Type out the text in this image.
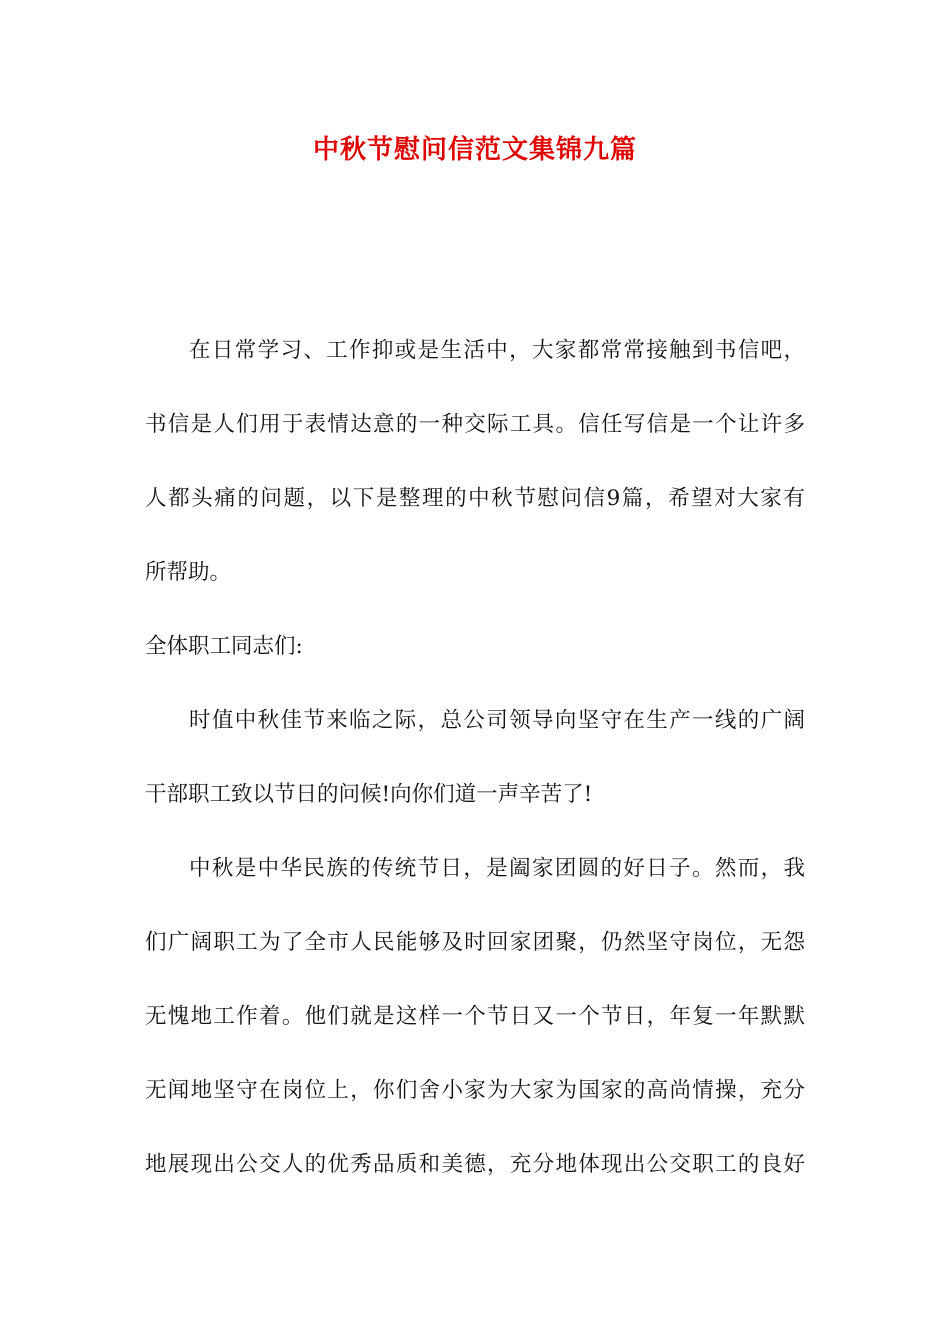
中秋节慰问信范文集锦九篇
在日常学习、工作抑或是生活中，大家都常常接触到书信吧，
书信是人们用于表情达意的一种交际工具。信任写信是一个让许多
人都头痛的问题，以下是整理的中秋节慰问信9篇，希望对大家有
所帮助。
全体职工同志们:
时值中秋佳节来临之际，总公司领导向坚守在生产一线的广阔
干部职工致以节日的问候!向你们道一声辛苦了!
中秋是中华民族的传统节日，是阖家团圆的好日子。然而，我
们广阔职工为了全市人民能够及时回家团聚，仍然坚守岗位，无怨
无愧地工作着。他们就是这样一个节日又一个节日，年复一年默默
无闻地坚守在岗位上，你们舍小家为大家为国家的高尚情操，充分
地展现出公交人的优秀品质和美德，充分地体现出公交职工的良好
